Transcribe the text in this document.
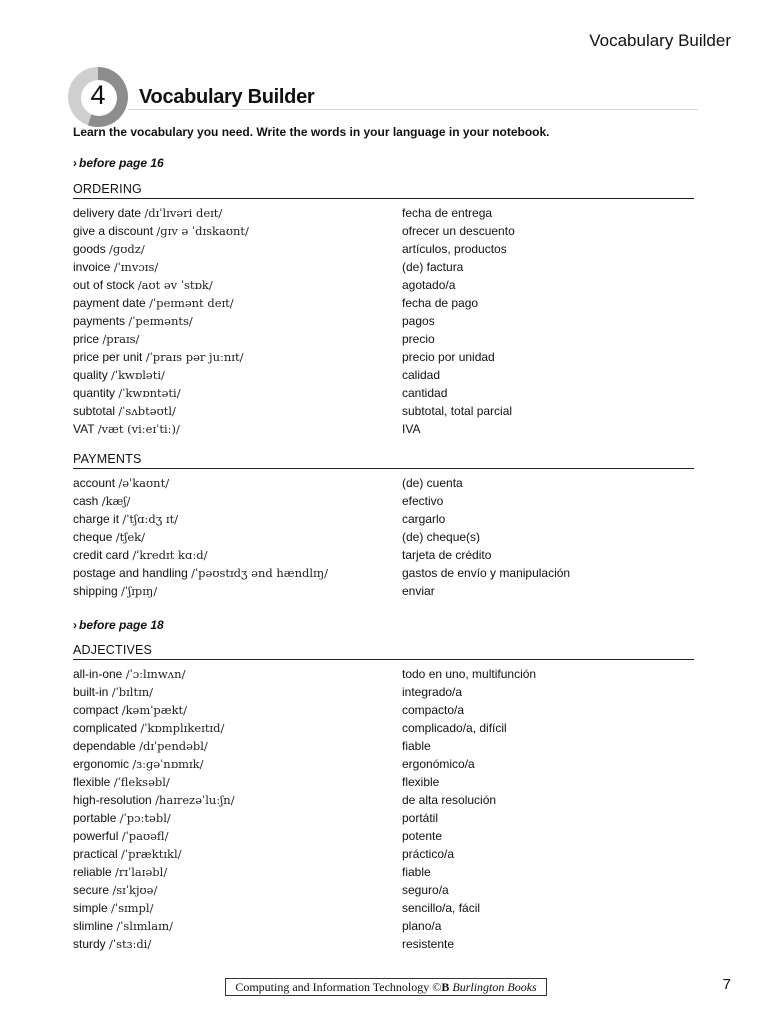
Vocabulary Builder
4	Vocabulary Builder
Learn the vocabulary you need. Write the words in your language in your notebook.
› before page 16
ORDERING
delivery date /dɪˈlɪvəri deɪt/	fecha de entrega
give a discount /ɡɪv ə ˈdɪskaʊnt/	ofrecer un descuento
goods /ɡʊdz/	artículos, productos
invoice /ˈɪnvɔɪs/	(de) factura
out of stock /aʊt əv ˈstɒk/	agotado/a
payment date /ˈpeɪmənt deɪt/	fecha de pago
payments /ˈpeɪmənts/	pagos
price /praɪs/	precio
price per unit /ˈpraɪs pər juːnɪt/	precio por unidad
quality /ˈkwɒləti/	calidad
quantity /ˈkwɒntəti/	cantidad
subtotal /ˈsʌbtəʊtl/	subtotal, total parcial
VAT /væt (viːeɪˈtiː)/	IVA
PAYMENTS
account /əˈkaʊnt/	(de) cuenta
cash /kæʃ/	efectivo
charge it /ˈtʃɑːdʒ ɪt/	cargarlo
cheque /tʃek/	(de) cheque(s)
credit card /ˈkredɪt kɑːd/	tarjeta de crédito
postage and handling /ˈpəʊstɪdʒ ənd hændlɪŋ/	gastos de envío y manipulación
shipping /ˈʃɪpɪŋ/	enviar
› before page 18
ADJECTIVES
all-in-one /ˈɔːlɪnwʌn/	todo en uno, multifunción
built-in /ˈbɪltɪn/	integrado/a
compact /kəmˈpækt/	compacto/a
complicated /ˈkɒmplɪkeɪtɪd/	complicado/a, difícil
dependable /dɪˈpendəbl/	fiable
ergonomic /ɜːɡəˈnɒmɪk/	ergonómico/a
flexible /ˈfleksəbl/	flexible
high-resolution /haɪrezəˈluːʃn/	de alta resolución
portable /ˈpɔːtəbl/	portátil
powerful /ˈpaʊəfl/	potente
practical /ˈpræktɪkl/	práctico/a
reliable /rɪˈlaɪəbl/	fiable
secure /sɪˈkjʊə/	seguro/a
simple /ˈsɪmpl/	sencillo/a, fácil
slimline /ˈslɪmlaɪn/	plano/a
sturdy /ˈstɜːdi/	resistente
Computing and Information Technology ©B Burlington Books	7
